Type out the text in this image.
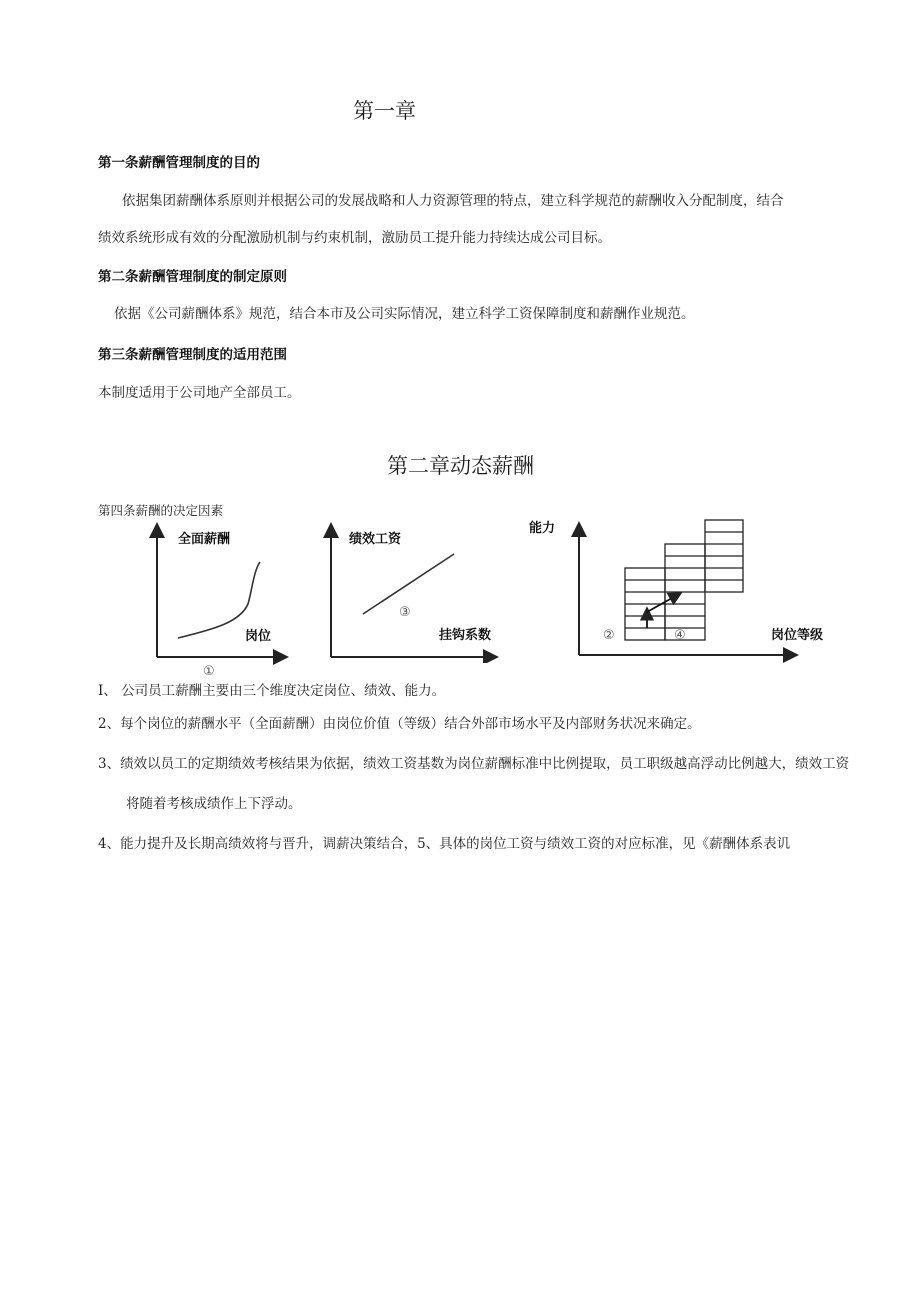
第一章
第一条薪酬管理制度的目的
依据集团薪酬体系原则并根据公司的发展战略和人力资源管理的特点，建立科学规范的薪酬收入分配制度，结合
绩效系统形成有效的分配激励机制与约束机制，激励员工提升能力持续达成公司目标。
第二条薪酬管理制度的制定原则
依据《公司薪酬体系》规范，结合本市及公司实际情况，建立科学工资保障制度和薪酬作业规范。
第三条薪酬管理制度的适用范围
本制度适用于公司地产全部员工。
第二章动态薪酬
第四条薪酬的决定因素
全面薪酬
岗位
①
绩效工资
挂钩系数
③
能力
岗位等级
②	④
I、 公司员工薪酬主要由三个维度决定岗位、绩效、能力。
2、每个岗位的薪酬水平（全面薪酬）由岗位价值（等级）结合外部市场水平及内部财务状况来确定。
3、绩效以员工的定期绩效考核结果为依据，绩效工资基数为岗位薪酬标准中比例提取，员工职级越高浮动比例越大，绩效工资
将随着考核成绩作上下浮动。
4、能力提升及长期高绩效将与晋升，调薪决策结合，5、具体的岗位工资与绩效工资的对应标准，见《薪酬体系表讥
